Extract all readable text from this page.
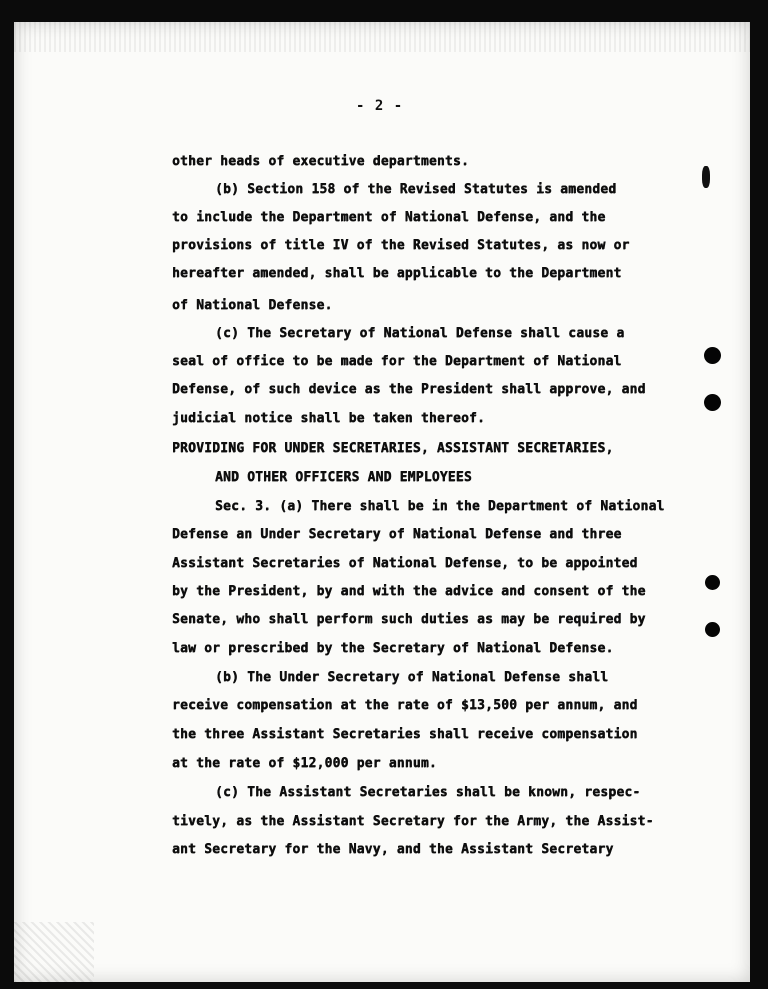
- 2 -
other heads of executive departments.
(b) Section 158 of the Revised Statutes is amended
to include the Department of National Defense, and the
provisions of title IV of the Revised Statutes, as now or
hereafter amended, shall be applicable to the Department
of National Defense.
(c) The Secretary of National Defense shall cause a
seal of office to be made for the Department of National
Defense, of such device as the President shall approve, and
judicial notice shall be taken thereof.
PROVIDING FOR UNDER SECRETARIES, ASSISTANT SECRETARIES,
AND OTHER OFFICERS AND EMPLOYEES
Sec. 3. (a) There shall be in the Department of National
Defense an Under Secretary of National Defense and three
Assistant Secretaries of National Defense, to be appointed
by the President, by and with the advice and consent of the
Senate, who shall perform such duties as may be required by
law or prescribed by the Secretary of National Defense.
(b) The Under Secretary of National Defense shall
receive compensation at the rate of $13,500 per annum, and
the three Assistant Secretaries shall receive compensation
at the rate of $12,000 per annum.
(c) The Assistant Secretaries shall be known, respec-
tively, as the Assistant Secretary for the Army, the Assist-
ant Secretary for the Navy, and the Assistant Secretary
